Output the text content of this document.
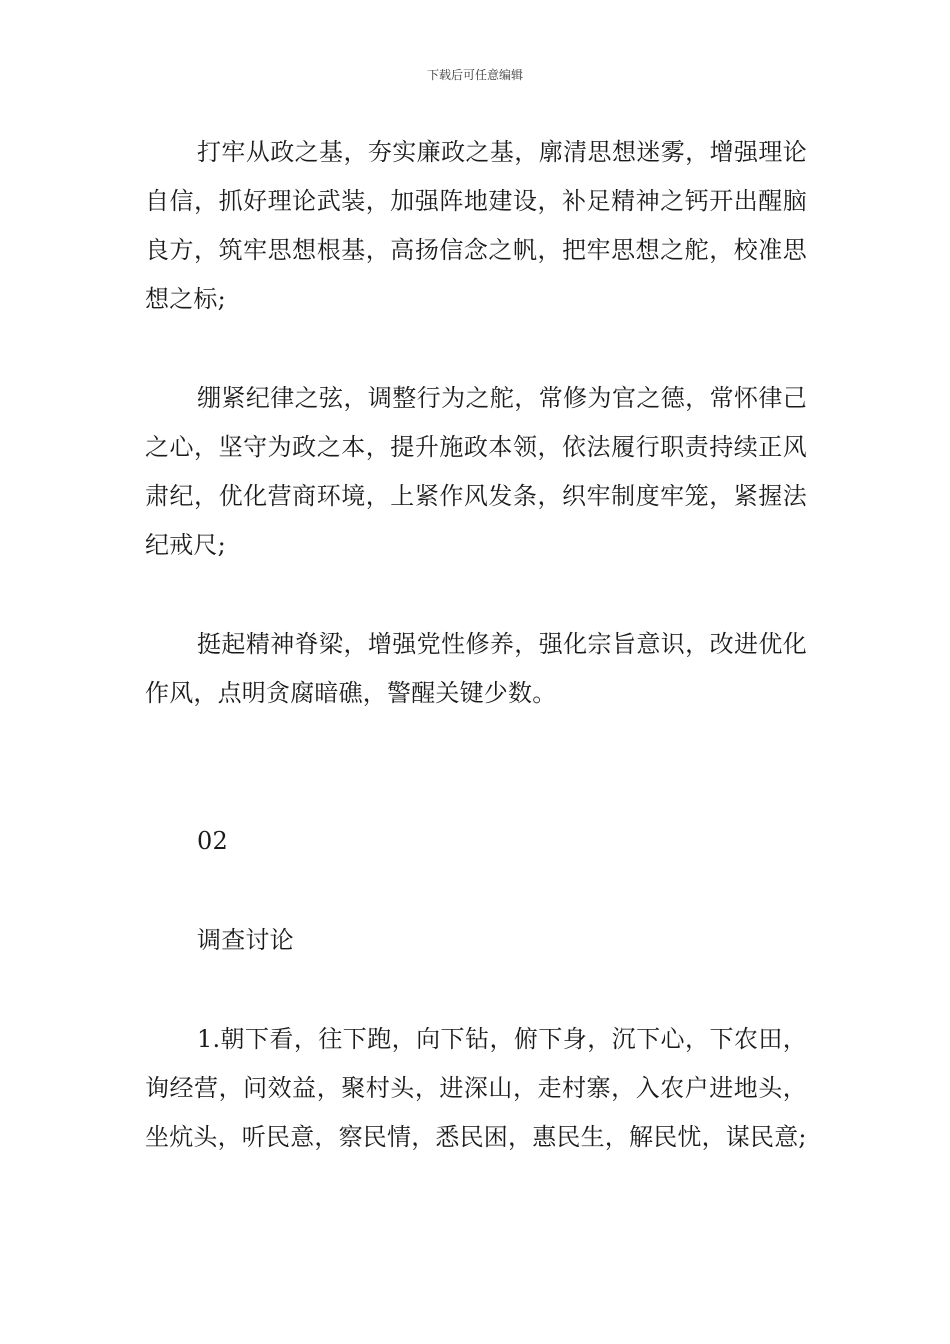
下载后可任意编辑

打牢从政之基，夯实廉政之基，廓清思想迷雾，增强理论自信，抓好理论武装，加强阵地建设，补足精神之钙开出醒脑良方，筑牢思想根基，高扬信念之帆，把牢思想之舵，校准思想之标;

绷紧纪律之弦，调整行为之舵，常修为官之德，常怀律己之心，坚守为政之本，提升施政本领，依法履行职责持续正风肃纪，优化营商环境，上紧作风发条，织牢制度牢笼，紧握法纪戒尺;

挺起精神脊梁，增强党性修养，强化宗旨意识，改进优化作风，点明贪腐暗礁，警醒关键少数。

02

调查讨论

1.朝下看，往下跑，向下钻，俯下身，沉下心，下农田，询经营，问效益，聚村头，进深山，走村寨，入农户进地头，坐炕头，听民意，察民情，悉民困，惠民生，解民忧，谋民意;
